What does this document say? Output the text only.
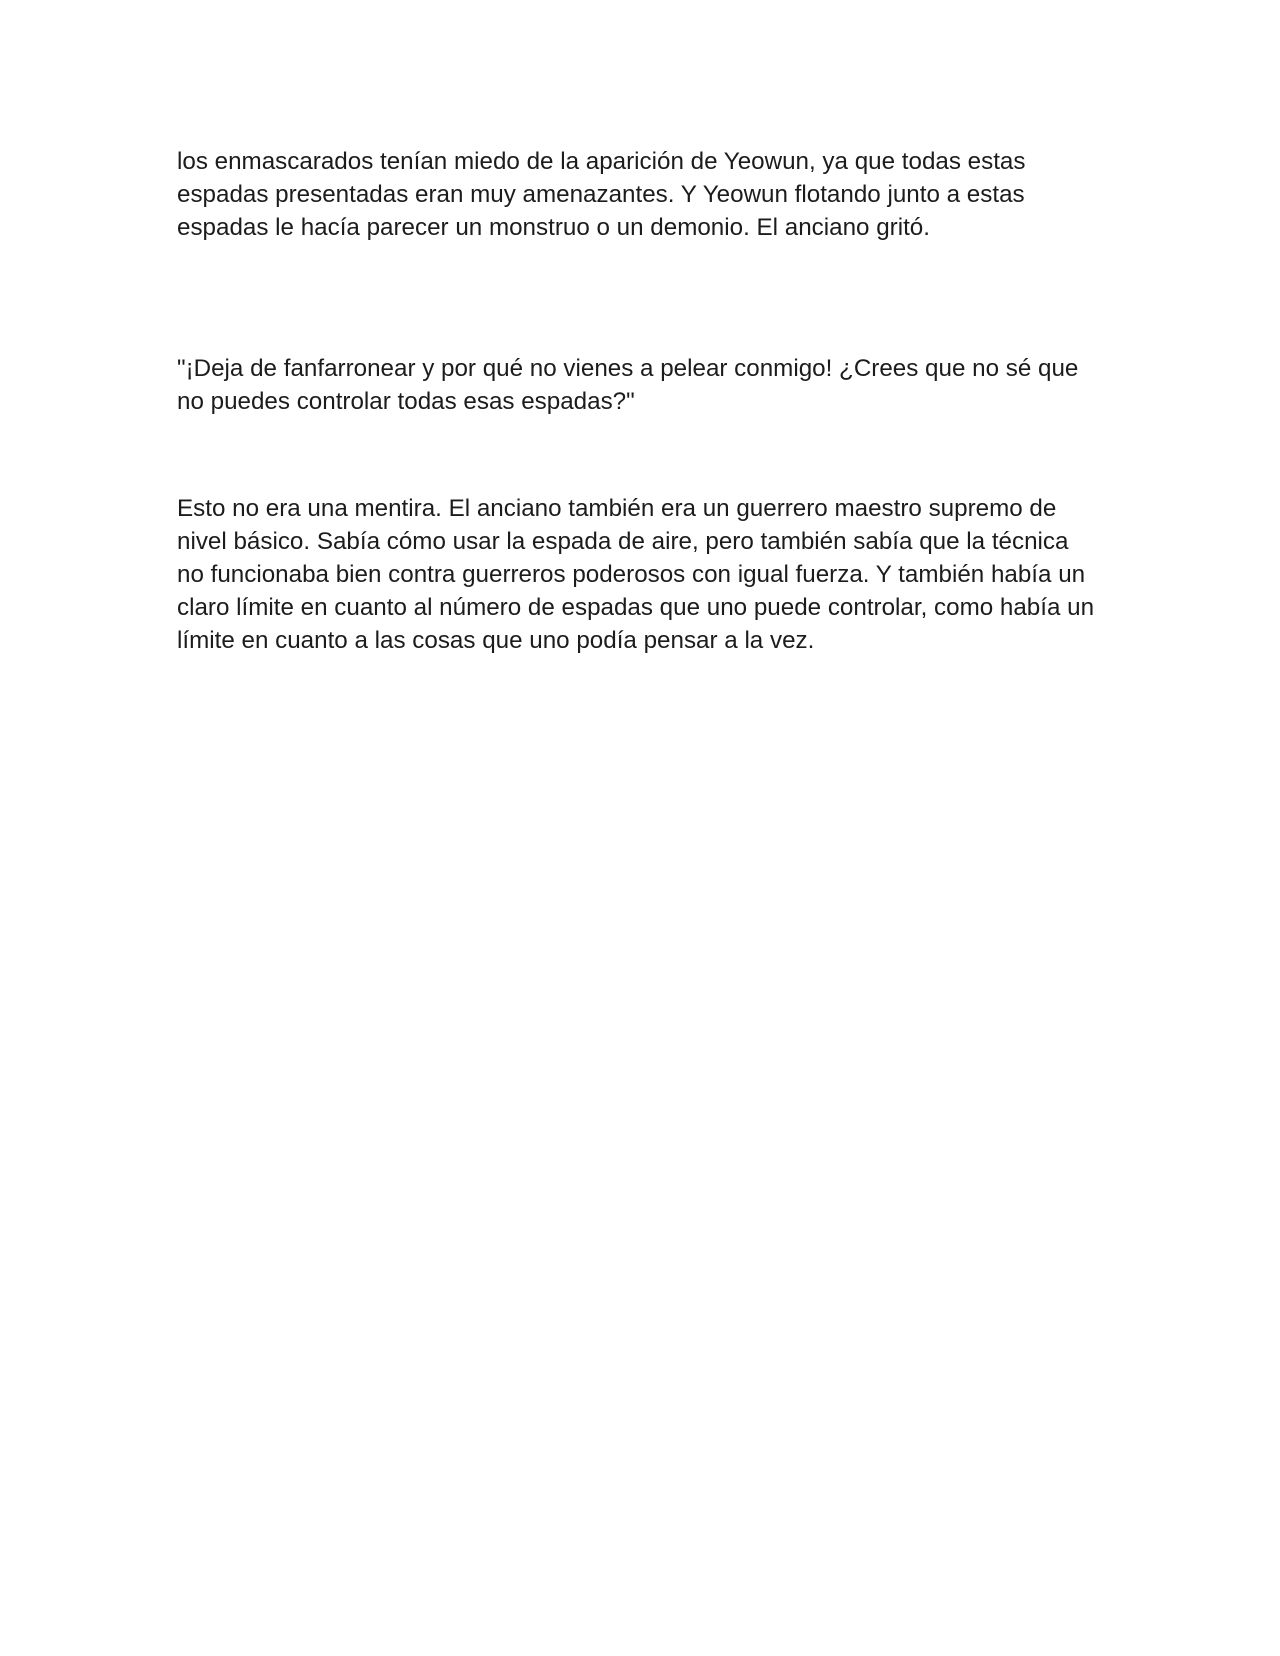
los enmascarados tenían miedo de la aparición de Yeowun, ya que todas estas espadas presentadas eran muy amenazantes. Y Yeowun flotando junto a estas espadas le hacía parecer un monstruo o un demonio. El anciano gritó.

"¡Deja de fanfarronear y por qué no vienes a pelear conmigo! ¿Crees que no sé que no puedes controlar todas esas espadas?"

Esto no era una mentira. El anciano también era un guerrero maestro supremo de nivel básico. Sabía cómo usar la espada de aire, pero también sabía que la técnica no funcionaba bien contra guerreros poderosos con igual fuerza. Y también había un claro límite en cuanto al número de espadas que uno puede controlar, como había un límite en cuanto a las cosas que uno podía pensar a la vez.
